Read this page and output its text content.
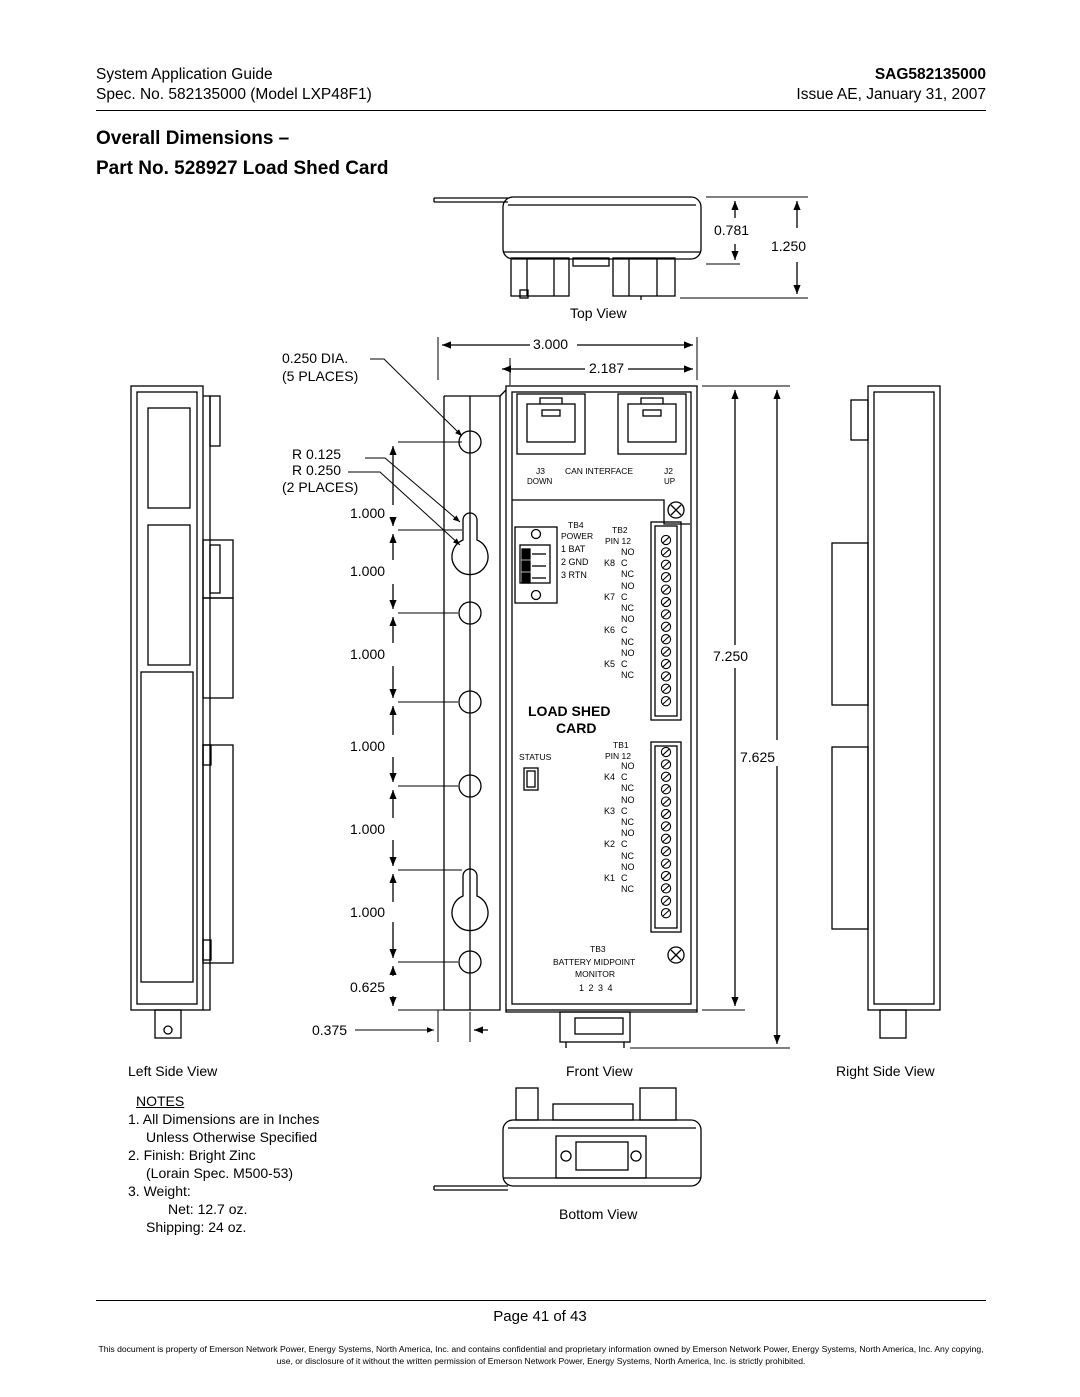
System Application Guide
Spec. No. 582135000 (Model LXP48F1)
SAG582135000
Issue AE, January 31, 2007
Overall Dimensions –
Part No. 528927 Load Shed Card
0.781
1.250
Top View
3.000
2.187
0.250 DIA.
(5 PLACES)
R 0.125
R 0.250
(2 PLACES)
1.000
1.000
1.000
1.000
1.000
1.000
0.625
0.375
7.250
7.625
J3
DOWN
CAN INTERFACE	J2
UP
TB4
POWER
1 BAT
2 GND
3 RTN
TB2
PIN 12
LOAD SHED
CARD
TB1
PIN 12
STATUS
TB3
BATTERY MIDPOINT
MONITOR
1 2 3 4
K8
NO
C
NC
K7
NO
C
NC
K6
NO
C
NC
K5
NO
C
NC
K4
NO
C
NC
K3
NO
C
NC
K2
NO
C
NC
K1
NO
C
NC
Front View
Left Side View	Right Side View
Bottom View
NOTES
1. All Dimensions are in Inches
Unless Otherwise Specified
2. Finish: Bright Zinc
(Lorain Spec. M500-53)
3. Weight:
Net: 12.7 oz.
Shipping: 24 oz.
Page 41 of 43
This document is property of Emerson Network Power, Energy Systems, North America, Inc. and contains confidential and proprietary information owned by Emerson Network Power, Energy Systems, North America, Inc. Any copying, use, or disclosure of it without the written permission of Emerson Network Power, Energy Systems, North America, Inc. is strictly prohibited.
